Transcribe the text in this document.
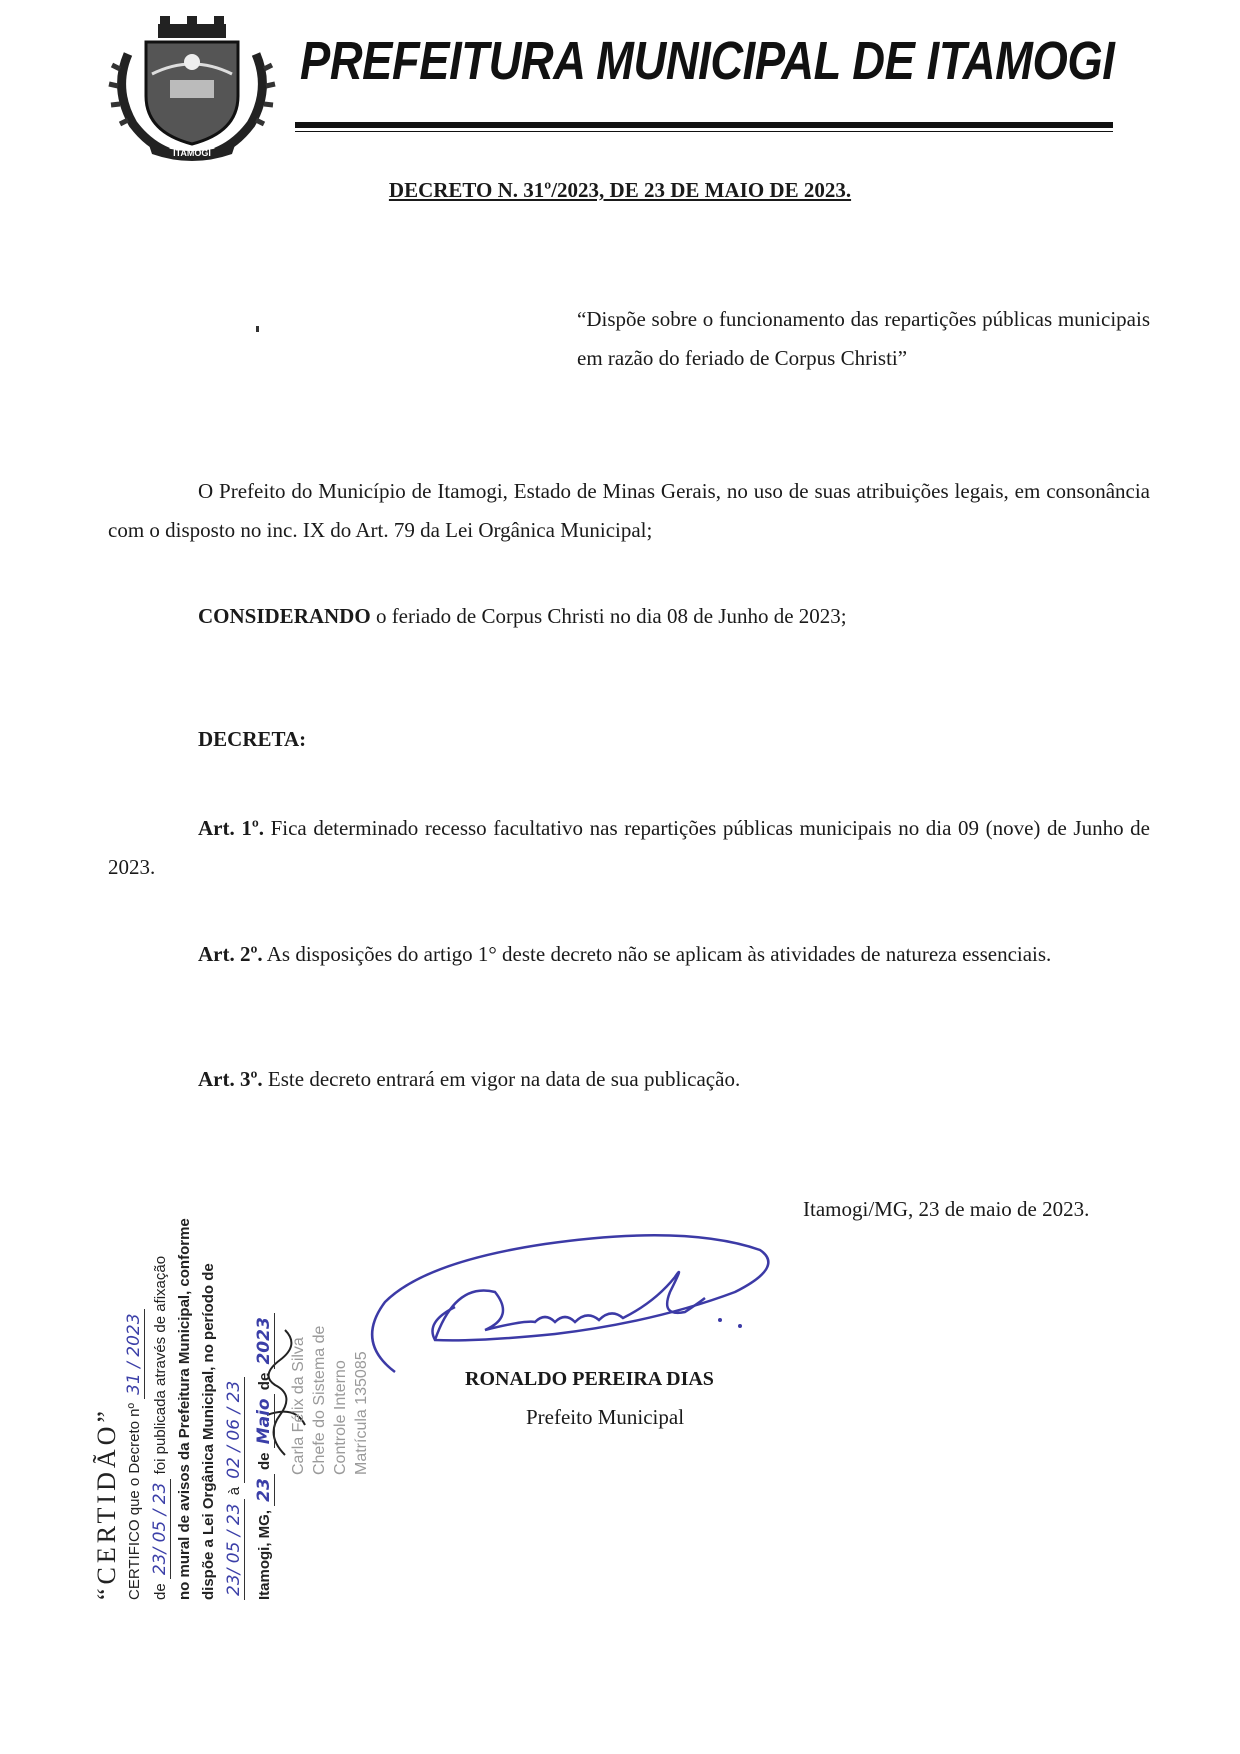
ITAMOGI
PREFEITURA MUNICIPAL DE ITAMOGI

DECRETO N. 31º/2023, DE 23 DE MAIO DE 2023.

“Dispõe sobre o funcionamento das repartições públicas municipais em razão do feriado de Corpus Christi”

O Prefeito do Município de Itamogi, Estado de Minas Gerais, no uso de suas atribuições legais, em consonância com o disposto no inc. IX do Art. 79 da Lei Orgânica Municipal;

CONSIDERANDO o feriado de Corpus Christi no dia 08 de Junho de 2023;

DECRETA:

Art. 1º. Fica determinado recesso facultativo nas repartições públicas municipais no dia 09 (nove) de Junho de 2023.

Art. 2º. As disposições do artigo 1° deste decreto não se aplicam às atividades de natureza essenciais.

Art. 3º. Este decreto entrará em vigor na data de sua publicação.

Itamogi/MG, 23 de maio de 2023.

RONALDO PEREIRA DIAS

Prefeito Municipal

Carla Félix da Silva Chefe do Sistema de Controle Interno Matrícula 135085

“CERTIDÃO” CERTIFICO que o Decreto nº 31 / 2023
de 23/ 05 / 23 foi publicada através de afixação no mural de avisos da Prefeitura Municipal, conforme dispõe a Lei Orgânica Municipal, no período de 23/ 05 / 23 à 02 / 06 / 23
Itamogi, MG, 23 de Maio de 2023
